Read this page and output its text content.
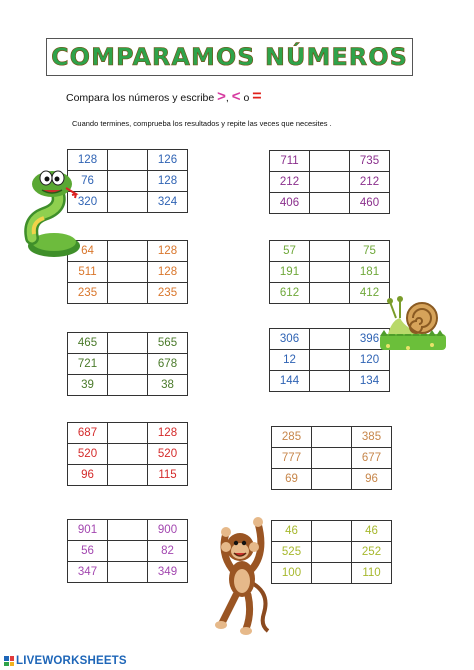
COMPARAMOS NÚMEROS
Compara los números y escribe >, < o =
Cuando termines, comprueba los resultados y repite las veces que necesites .
128		126
76		128
320		324
711		735
212		212
406		460
64		128
511		128
235		235
57		75
191		181
612		412
465		565
721		678
39		38
306		396
12		120
144		134
687		128
520		520
96		115
285		385
777		677
69		96
901		900
56		82
347		349
46		46
525		252
100		110
LIVEWORKSHEETS
